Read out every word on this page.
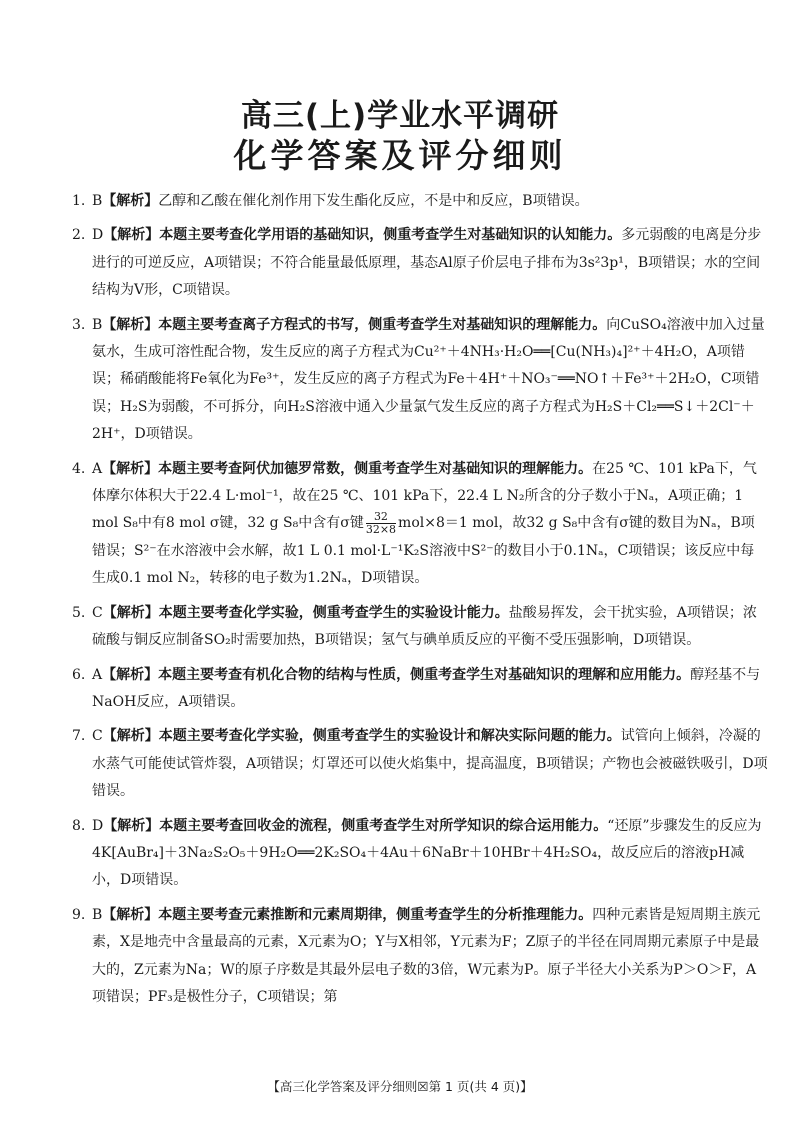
高三(上)学业水平调研
化学答案及评分细则
1. B【解析】乙醇和乙酸在催化剂作用下发生酯化反应，不是中和反应，B项错误。
2. D【解析】本题主要考查化学用语的基础知识，侧重考查学生对基础知识的认知能力。多元弱酸的电离是分步进行的可逆反应，A项错误；不符合能量最低原理，基态Al原子价层电子排布为3s²3p¹，B项错误；水的空间结构为V形，C项错误。
3. B【解析】本题主要考查离子方程式的书写，侧重考查学生对基础知识的理解能力。向CuSO₄溶液中加入过量氨水，生成可溶性配合物，发生反应的离子方程式为Cu²⁺＋4NH₃·H₂O══[Cu(NH₃)₄]²⁺＋4H₂O，A项错误；稀硝酸能将Fe氧化为Fe³⁺，发生反应的离子方程式为Fe＋4H⁺＋NO₃⁻══NO↑＋Fe³⁺＋2H₂O，C项错误；H₂S为弱酸，不可拆分，向H₂S溶液中通入少量氯气发生反应的离子方程式为H₂S＋Cl₂══S↓＋2Cl⁻＋2H⁺，D项错误。
4. A【解析】本题主要考查阿伏加德罗常数，侧重考查学生对基础知识的理解能力。在25 ℃、101 kPa下，气体摩尔体积大于22.4 L·mol⁻¹，故在25 ℃、101 kPa下，22.4 L N₂所含的分子数小于Nₐ，A项正确；1 mol S₈中有8 mol σ键，32 g S₈中含有σ键 $\frac{32}{32\times 8} mol\times 8=1$ mol，故32 g S₈中含有σ键的数目为Nₐ，B项错误；S²⁻在水溶液中会水解，故1 L 0.1 mol·L⁻¹K₂S溶液中S²⁻的数目小于0.1Nₐ，C项错误；该反应中每生成0.1 mol N₂，转移的电子数为1.2Nₐ，D项错误。
5. C【解析】本题主要考查化学实验，侧重考查学生的实验设计能力。盐酸易挥发，会干扰实验，A项错误；浓硫酸与铜反应制备SO₂时需要加热，B项错误；氢气与碘单质反应的平衡不受压强影响，D项错误。
6. A【解析】本题主要考查有机化合物的结构与性质，侧重考查学生对基础知识的理解和应用能力。醇羟基不与NaOH反应，A项错误。
7. C【解析】本题主要考查化学实验，侧重考查学生的实验设计和解决实际问题的能力。试管向上倾斜，冷凝的水蒸气可能使试管炸裂，A项错误；灯罩还可以使火焰集中，提高温度，B项错误；产物也会被磁铁吸引，D项错误。
8. D【解析】本题主要考查回收金的流程，侧重考查学生对所学知识的综合运用能力。“还原”步骤发生的反应为4K[AuBr₄]＋3Na₂S₂O₅＋9H₂O══2K₂SO₄＋4Au＋6NaBr＋10HBr＋4H₂SO₄，故反应后的溶液pH减小，D项错误。
9. B【解析】本题主要考查元素推断和元素周期律，侧重考查学生的分析推理能力。四种元素皆是短周期主族元素，X是地壳中含量最高的元素，X元素为O；Y与X相邻，Y元素为F；Z原子的半径在同周期元素原子中是最大的，Z元素为Na；W的原子序数是其最外层电子数的3倍，W元素为P。原子半径大小关系为P＞O＞F，A项错误；PF₃是极性分子，C项错误；第
【高三化学答案及评分细则☒第 1 页(共 4 页)】
